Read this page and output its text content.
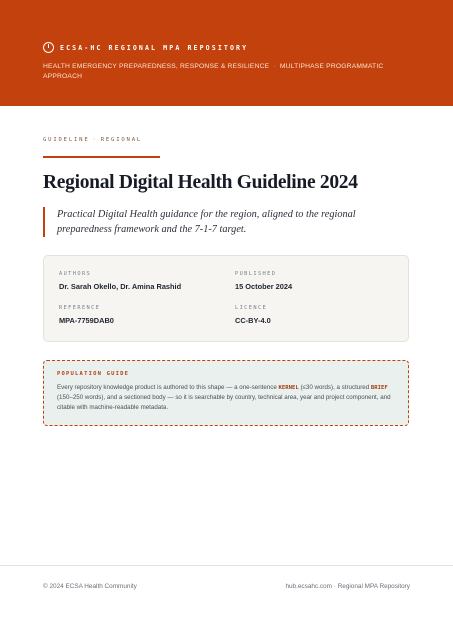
ECSA-HC REGIONAL MPA REPOSITORY
HEALTH EMERGENCY PREPAREDNESS, RESPONSE & RESILIENCE · MULTIPHASE PROGRAMMATIC APPROACH
GUIDELINE · REGIONAL
Regional Digital Health Guideline 2024

Practical Digital Health guidance for the region, aligned to the regional preparedness framework and the 7-1-7 target.

AUTHORS
Dr. Sarah Okello, Dr. Amina Rashid
PUBLISHED
15 October 2024
REFERENCE
MPA-7759DAB0
LICENCE
CC-BY-4.0
POPULATION GUIDE

Every repository knowledge product is authored to this shape — a one-sentence KERNEL (≤30 words), a structured BRIEF (150–250 words), and a sectioned body — so it is searchable by country, technical area, year and project component, and citable with machine-readable metadata.

© 2024 ECSA Health Community	hub.ecsahc.com · Regional MPA Repository
